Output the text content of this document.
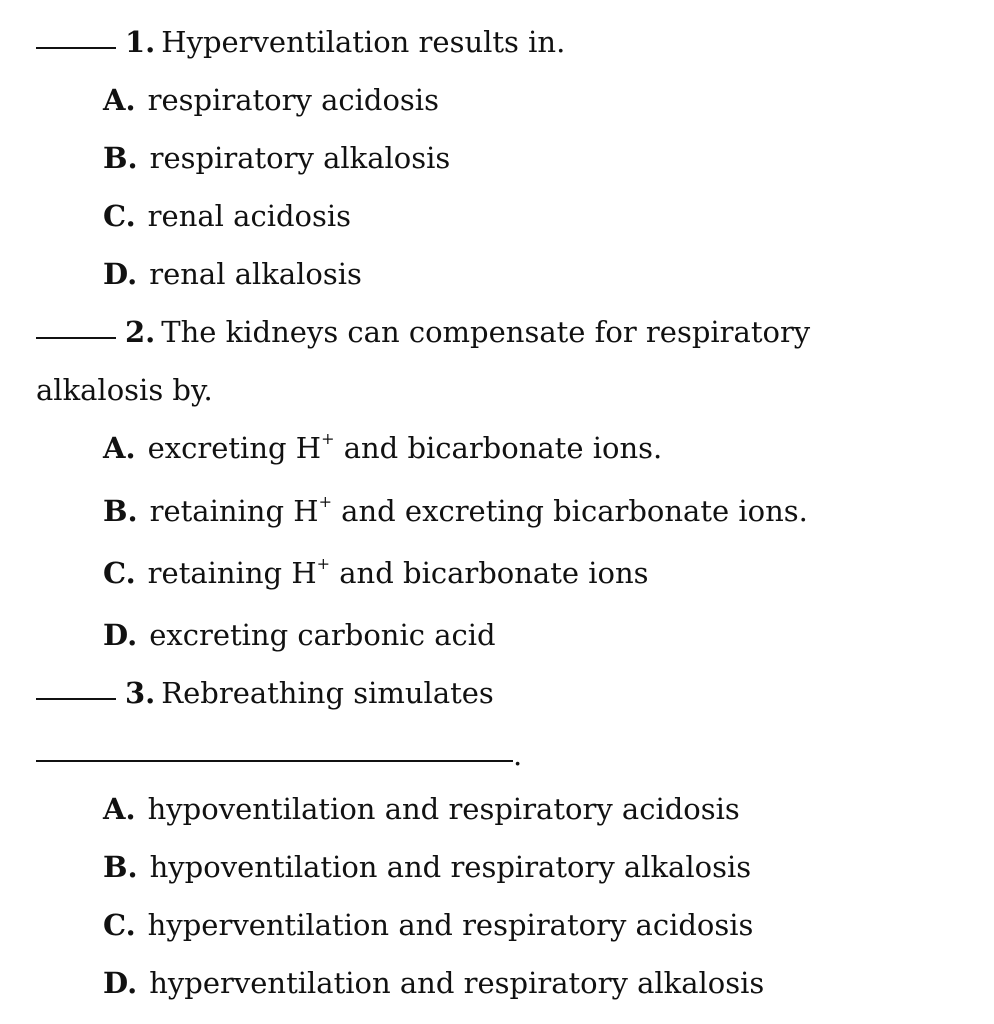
1. Hyperventilation results in.
A. respiratory acidosis
B. respiratory alkalosis
C. renal acidosis
D. renal alkalosis
2. The kidneys can compensate for respiratory
alkalosis by.
A. excreting H+ and bicarbonate ions.
B. retaining H+ and excreting bicarbonate ions.
C. retaining H+ and bicarbonate ions
D. excreting carbonic acid
3. Rebreathing simulates
.
A. hypoventilation and respiratory acidosis
B. hypoventilation and respiratory alkalosis
C. hyperventilation and respiratory acidosis
D. hyperventilation and respiratory alkalosis
